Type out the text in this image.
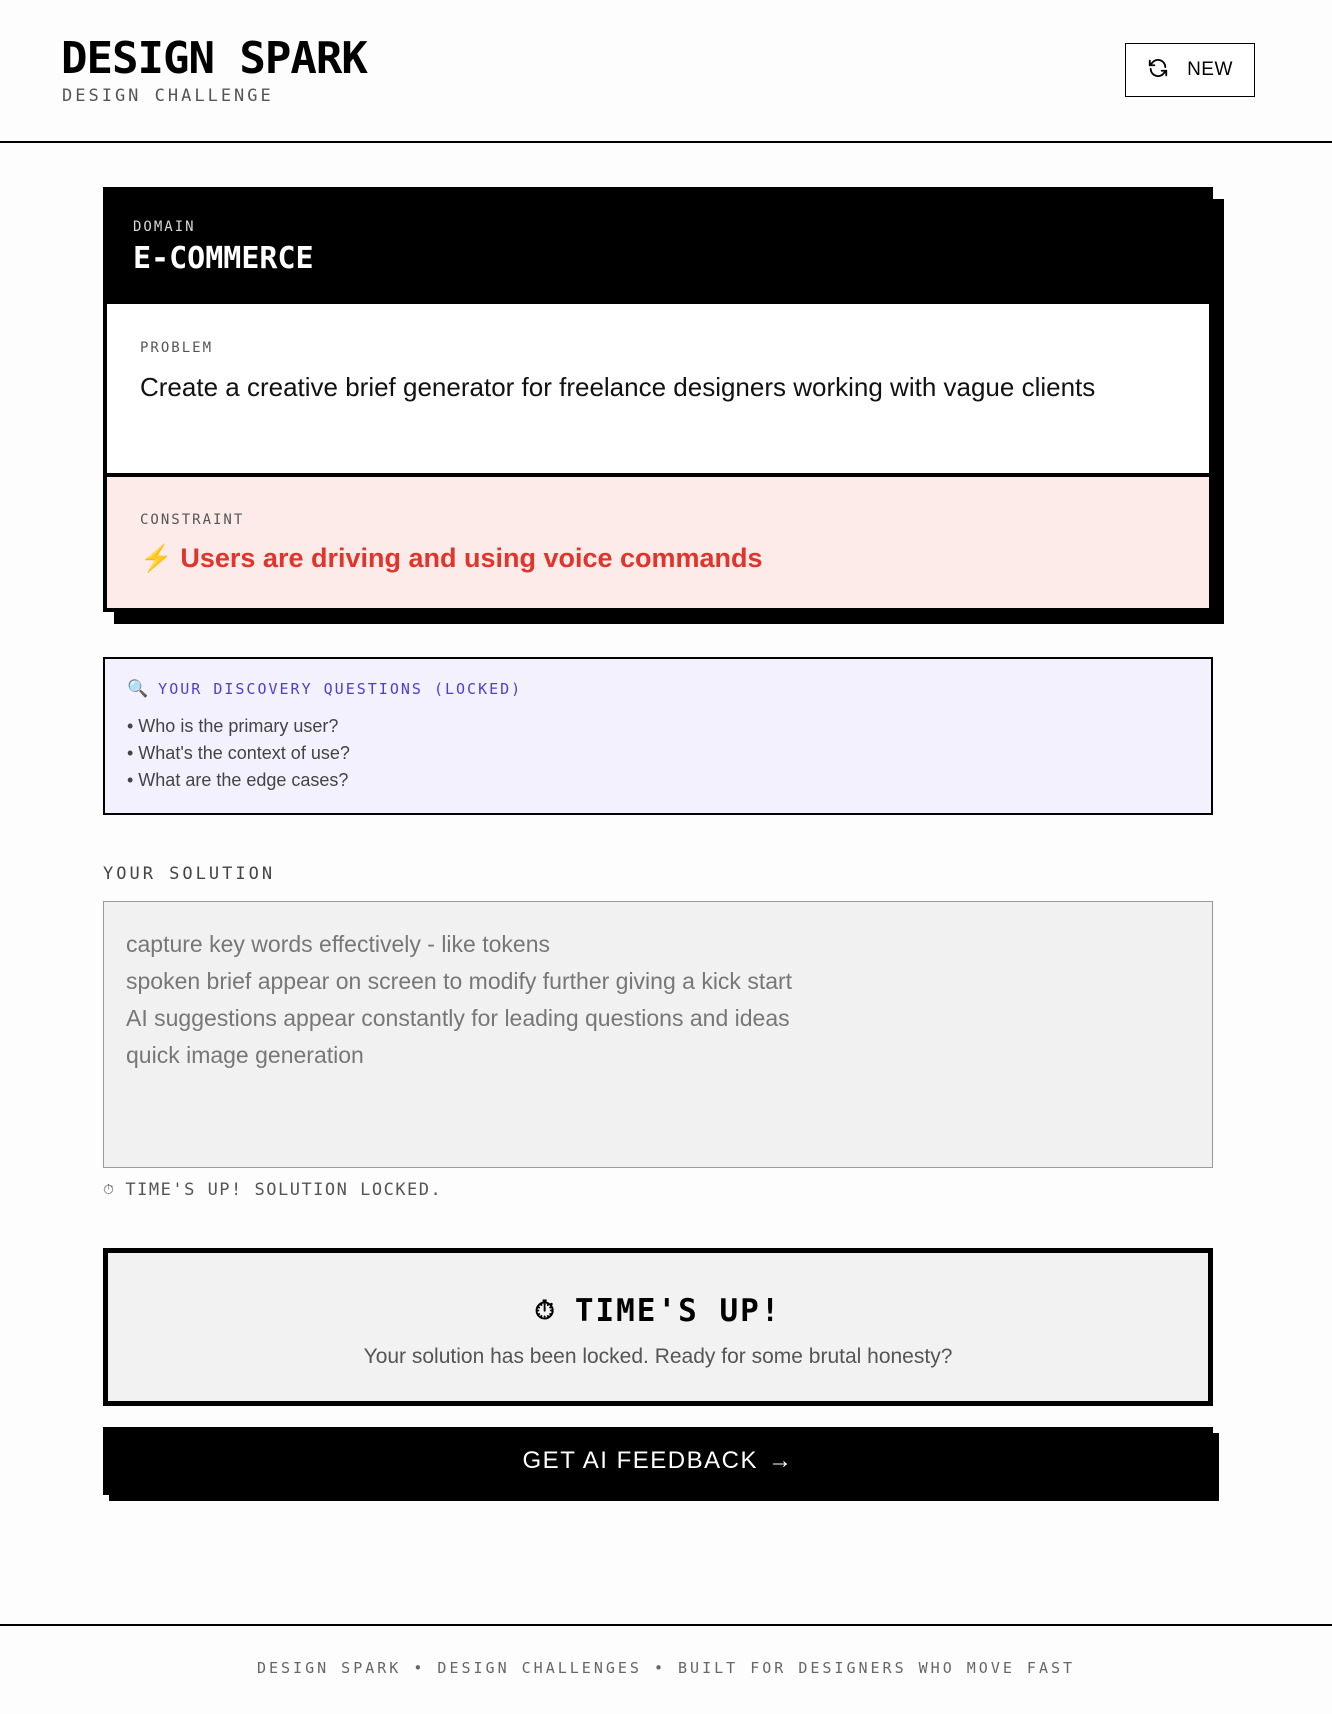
DESIGN SPARK
DESIGN CHALLENGE
NEW
DOMAIN
E-COMMERCE
PROBLEM
Create a creative brief generator for freelance designers working with vague clients
CONSTRAINT
⚡ Users are driving and using voice commands
🔍 YOUR DISCOVERY QUESTIONS (LOCKED)
• Who is the primary user?
• What's the context of use?
• What are the edge cases?
YOUR SOLUTION
capture key words effectively - like tokens
spoken brief appear on screen to modify further giving a kick start
AI suggestions appear constantly for leading questions and ideas
quick image generation
⏱ TIME'S UP! SOLUTION LOCKED.
⏱ TIME'S UP!
Your solution has been locked. Ready for some brutal honesty?
GET AI FEEDBACK →
DESIGN SPARK • DESIGN CHALLENGES • BUILT FOR DESIGNERS WHO MOVE FAST
